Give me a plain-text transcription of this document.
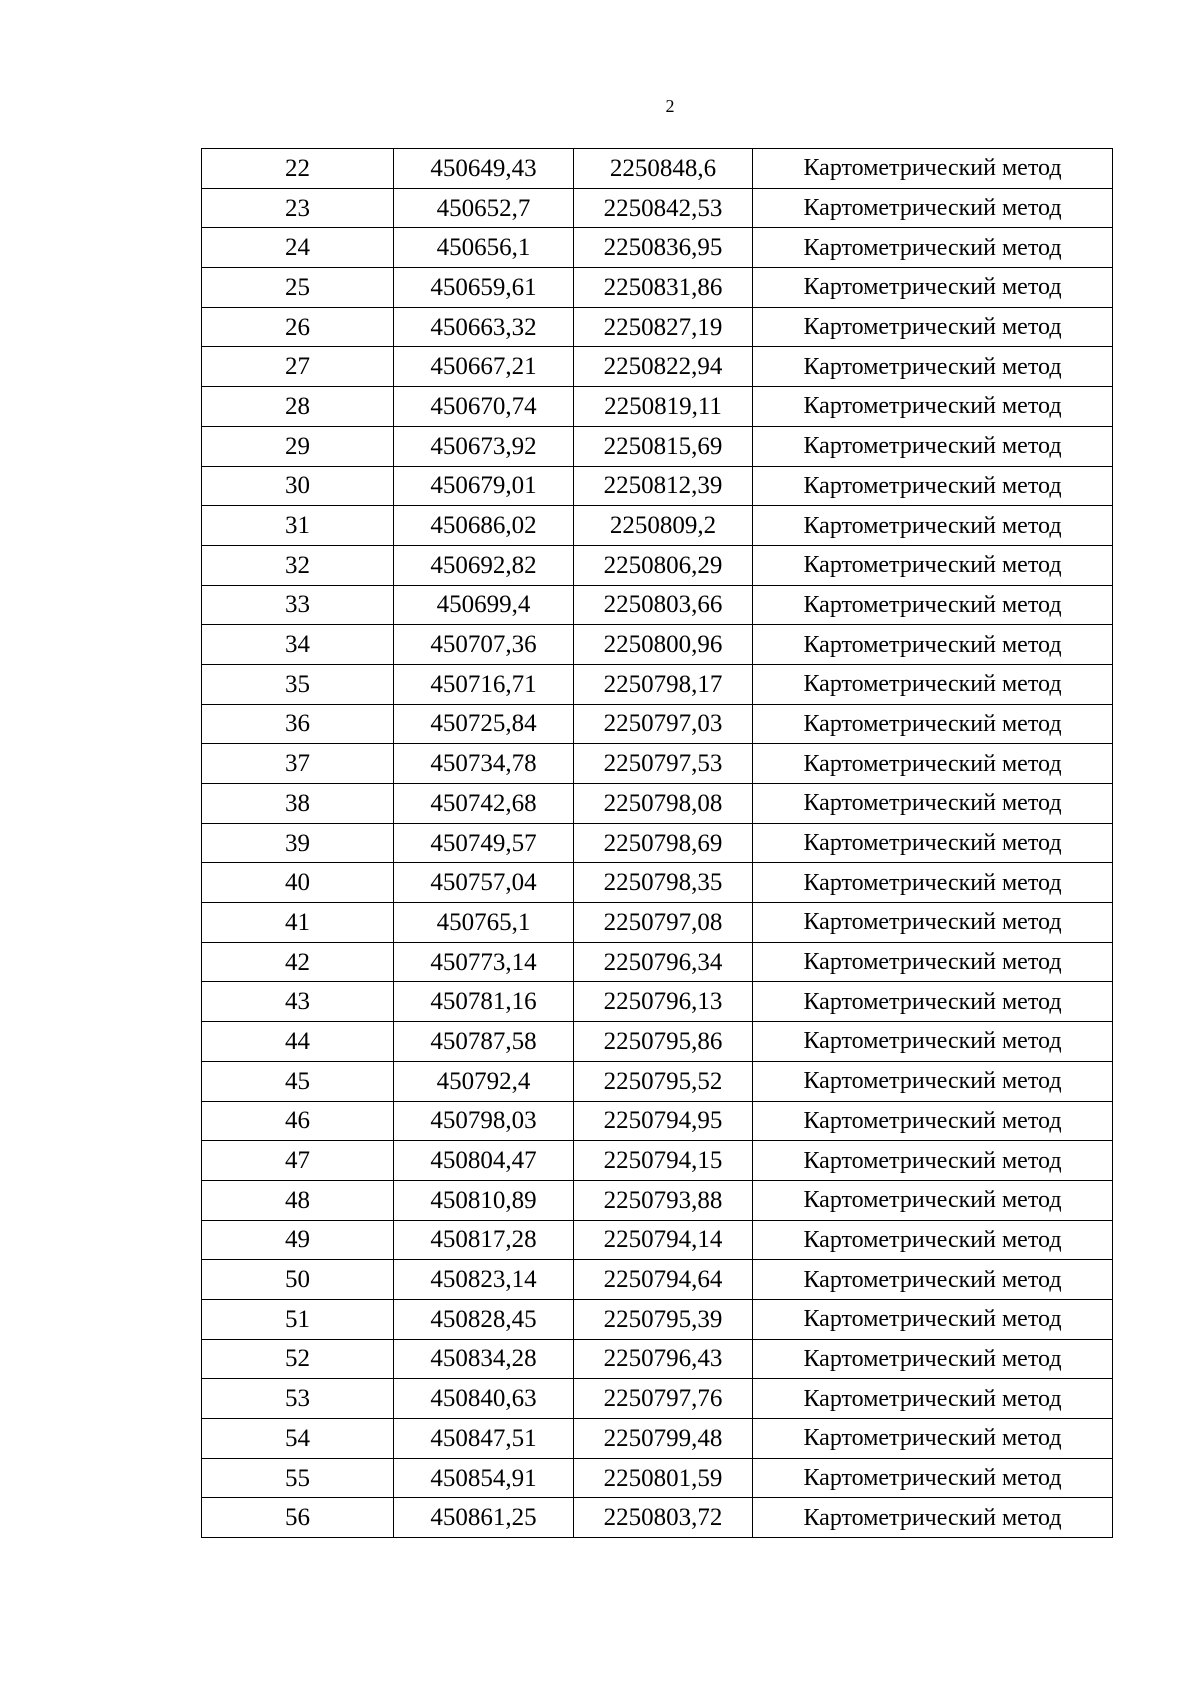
2
22	450649,43	2250848,6	Картометрический метод
23	450652,7	2250842,53	Картометрический метод
24	450656,1	2250836,95	Картометрический метод
25	450659,61	2250831,86	Картометрический метод
26	450663,32	2250827,19	Картометрический метод
27	450667,21	2250822,94	Картометрический метод
28	450670,74	2250819,11	Картометрический метод
29	450673,92	2250815,69	Картометрический метод
30	450679,01	2250812,39	Картометрический метод
31	450686,02	2250809,2	Картометрический метод
32	450692,82	2250806,29	Картометрический метод
33	450699,4	2250803,66	Картометрический метод
34	450707,36	2250800,96	Картометрический метод
35	450716,71	2250798,17	Картометрический метод
36	450725,84	2250797,03	Картометрический метод
37	450734,78	2250797,53	Картометрический метод
38	450742,68	2250798,08	Картометрический метод
39	450749,57	2250798,69	Картометрический метод
40	450757,04	2250798,35	Картометрический метод
41	450765,1	2250797,08	Картометрический метод
42	450773,14	2250796,34	Картометрический метод
43	450781,16	2250796,13	Картометрический метод
44	450787,58	2250795,86	Картометрический метод
45	450792,4	2250795,52	Картометрический метод
46	450798,03	2250794,95	Картометрический метод
47	450804,47	2250794,15	Картометрический метод
48	450810,89	2250793,88	Картометрический метод
49	450817,28	2250794,14	Картометрический метод
50	450823,14	2250794,64	Картометрический метод
51	450828,45	2250795,39	Картометрический метод
52	450834,28	2250796,43	Картометрический метод
53	450840,63	2250797,76	Картометрический метод
54	450847,51	2250799,48	Картометрический метод
55	450854,91	2250801,59	Картометрический метод
56	450861,25	2250803,72	Картометрический метод
